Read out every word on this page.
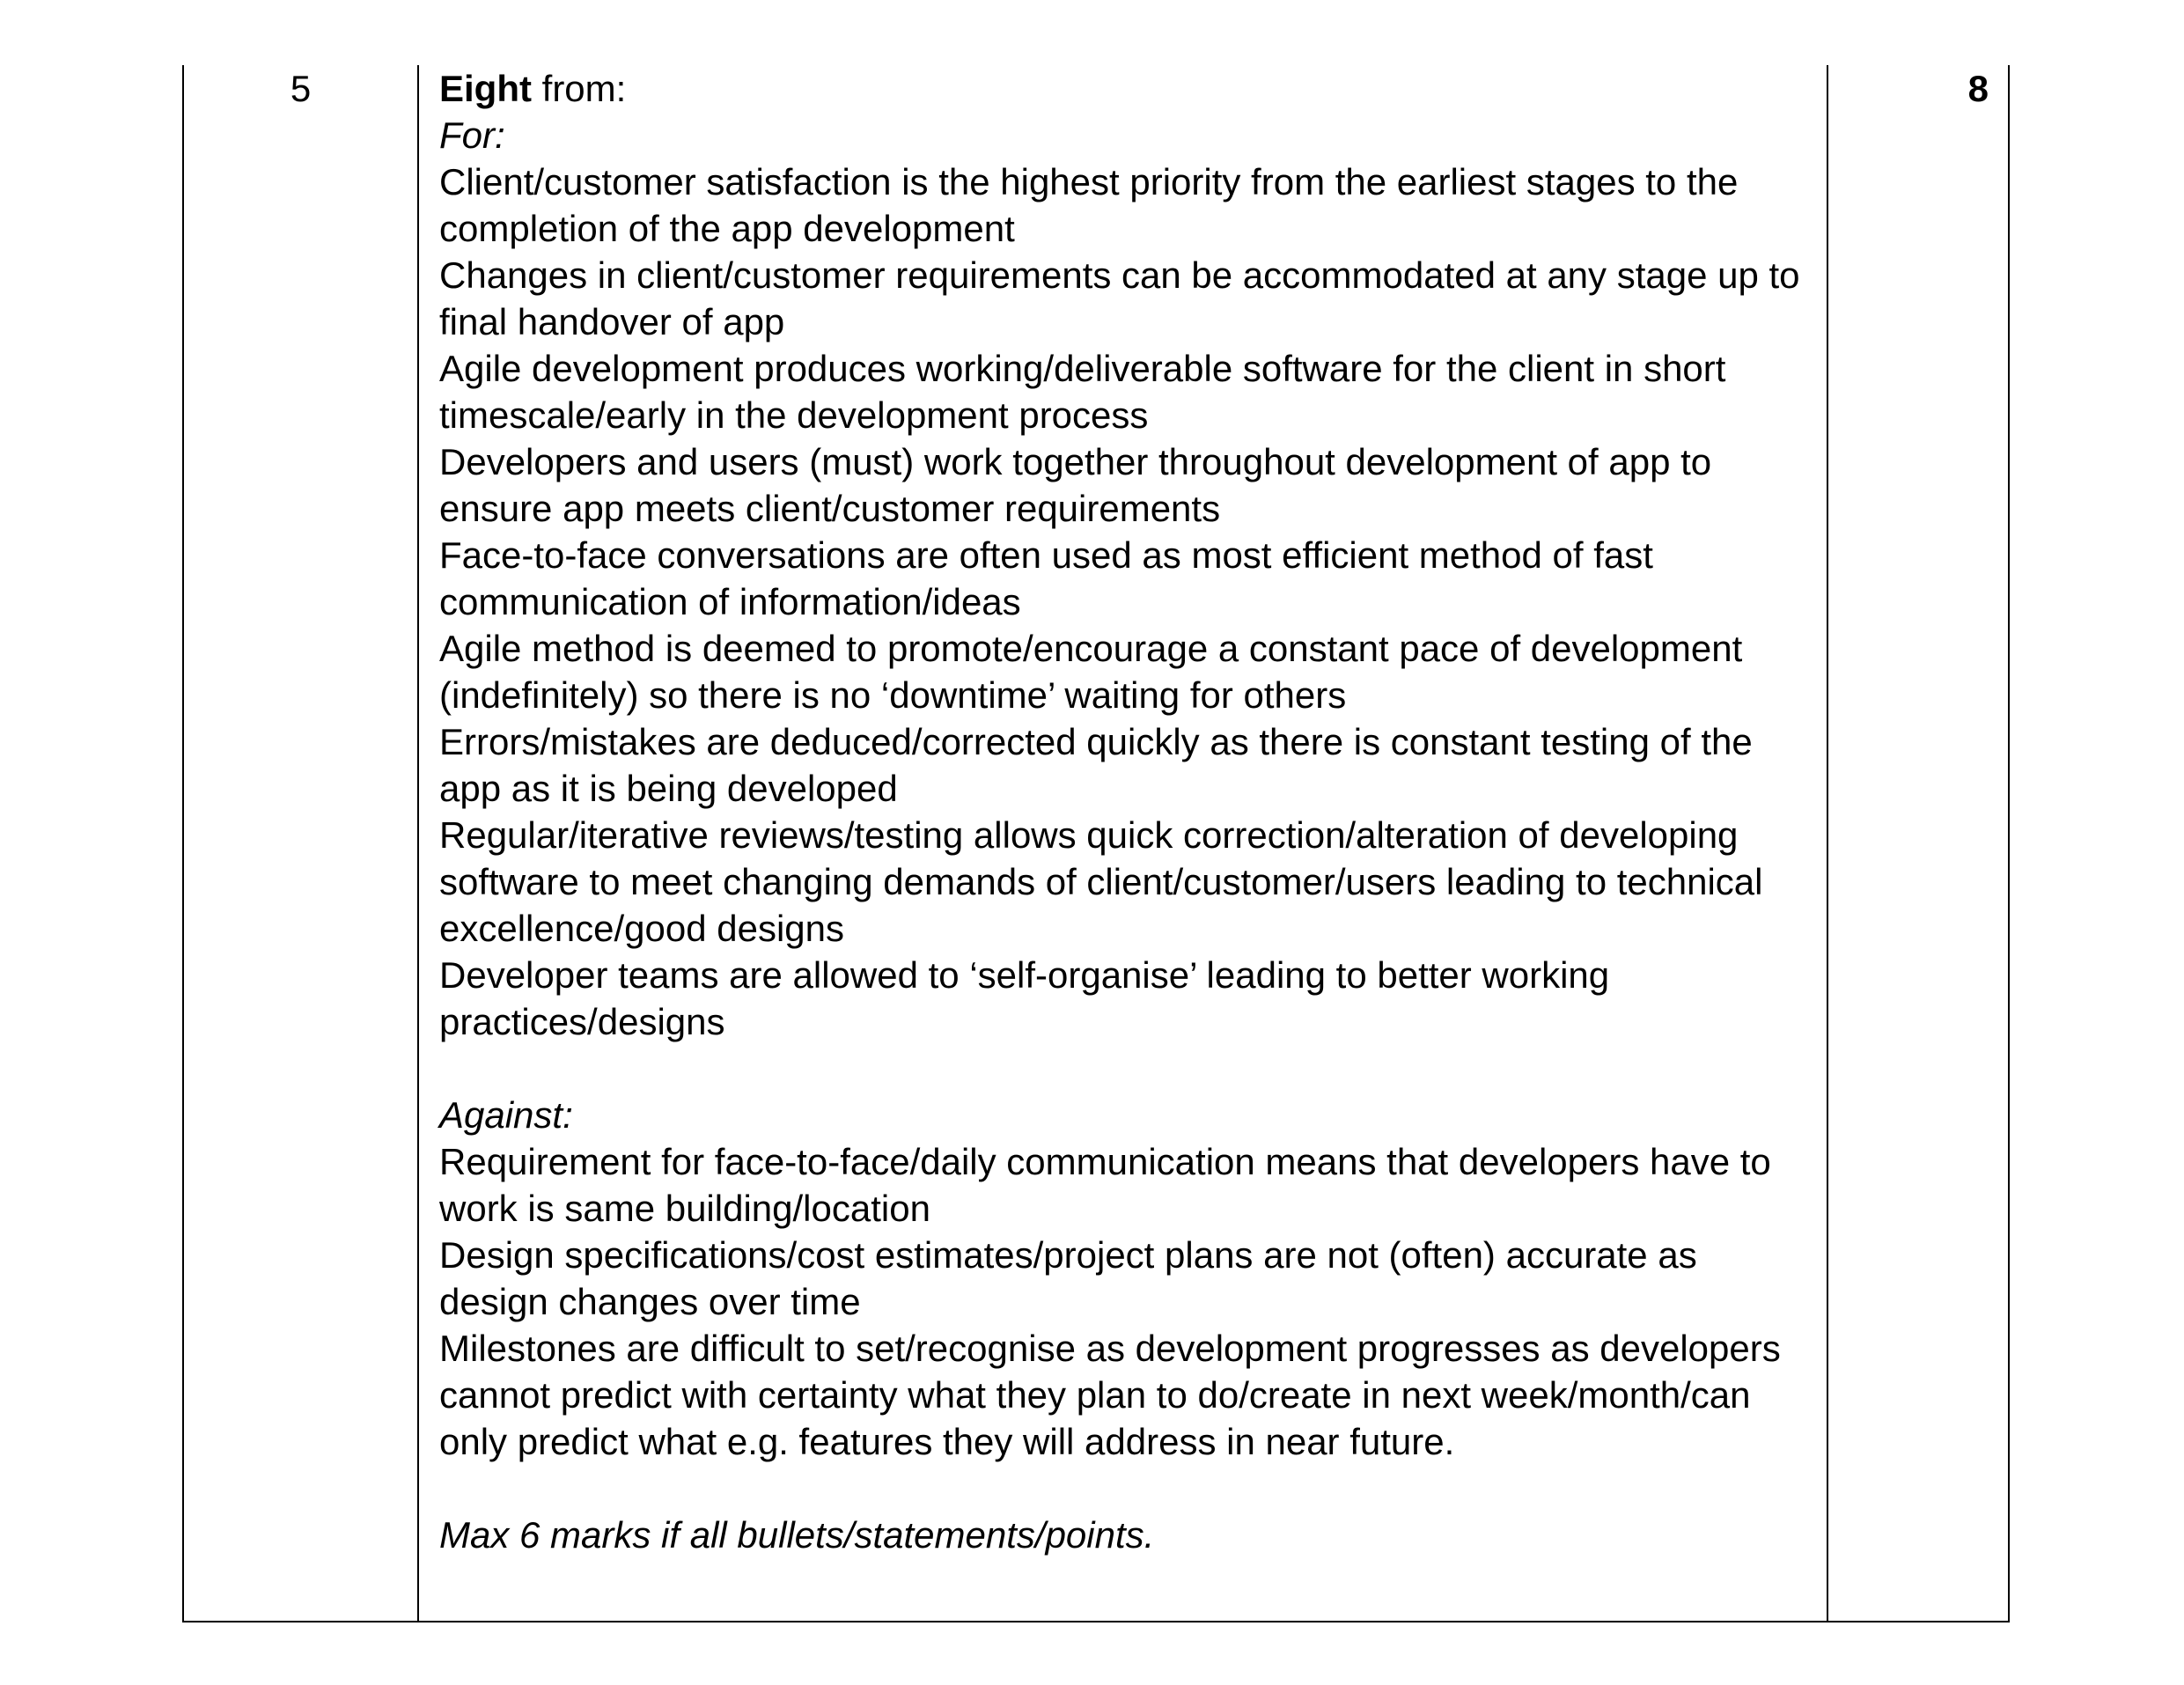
5	Eight from:

For:

Client/customer satisfaction is the highest priority from the earliest stages to the completion of the app development

Changes in client/customer requirements can be accommodated at any stage up to final handover of app

Agile development produces working/deliverable software for the client in short timescale/early in the development process

Developers and users (must) work together throughout development of app to ensure app meets client/customer requirements

Face-to-face conversations are often used as most efficient method of fast communication of information/ideas

Agile method is deemed to promote/encourage a constant pace of development (indefinitely) so there is no ‘downtime’ waiting for others

Errors/mistakes are deduced/corrected quickly as there is constant testing of the app as it is being developed

Regular/iterative reviews/testing allows quick correction/alteration of developing software to meet changing demands of client/customer/users leading to technical excellence/good designs

Developer teams are allowed to ‘self-organise’ leading to better working practices/designs

Against:

Requirement for face-to-face/daily communication means that developers have to work is same building/location

Design specifications/cost estimates/project plans are not (often) accurate as design changes over time

Milestones are difficult to set/recognise as development progresses as developers cannot predict with certainty what they plan to do/create in next week/month/can only predict what e.g. features they will address in near future.

Max 6 marks if all bullets/statements/points.

8
